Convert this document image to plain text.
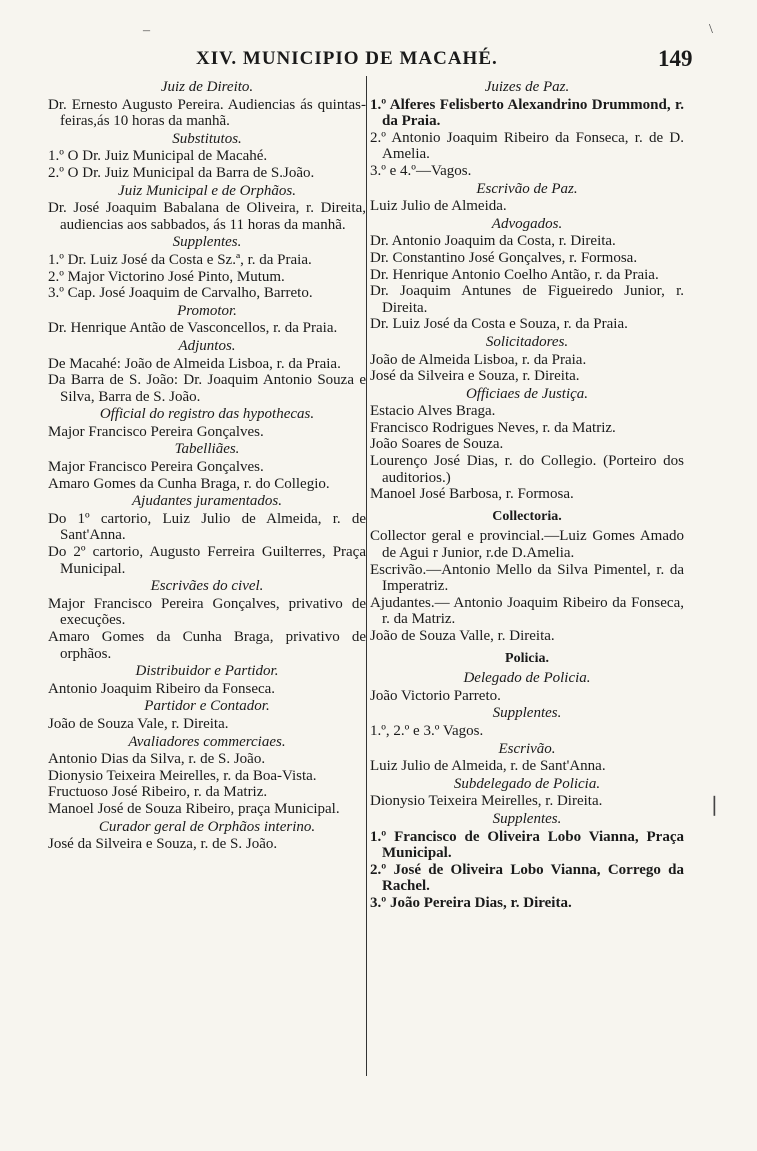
XIV. MUNICIPIO DE MACAHÉ.	149
Juiz de Direito.
Dr. Ernesto Augusto Pereira. Audiencias ás quintas-feiras,ás 10 horas da manhã.
Substitutos.
1.º O Dr. Juiz Municipal de Macahé.
2.º O Dr. Juiz Municipal da Barra de S.João.
Juiz Municipal e de Orphãos.
Dr. José Joaquim Babalana de Oliveira, r. Direita, audiencias aos sabbados, ás 11 horas da manhã.
Supplentes.
1.º Dr. Luiz José da Costa e Sz.ª, r. da Praia.
2.º Major Victorino José Pinto, Mutum.
3.º Cap. José Joaquim de Carvalho, Barreto.
Promotor.
Dr. Henrique Antão de Vasconcellos, r. da Praia.
Adjuntos.
De Macahé: João de Almeida Lisboa, r. da Praia.
Da Barra de S. João: Dr. Joaquim Antonio Souza e Silva, Barra de S. João.
Official do registro das hypothecas.
Major Francisco Pereira Gonçalves.
Tabelliães.
Major Francisco Pereira Gonçalves.
Amaro Gomes da Cunha Braga, r. do Collegio.
Ajudantes juramentados.
Do 1º cartorio, Luiz Julio de Almeida, r. de Sant'Anna.
Do 2º cartorio, Augusto Ferreira Guilterres, Praça Municipal.
Escrivães do civel.
Major Francisco Pereira Gonçalves, privativo de execuções.
Amaro Gomes da Cunha Braga, privativo de orphãos.
Distribuidor e Partidor.
Antonio Joaquim Ribeiro da Fonseca.
Partidor e Contador.
João de Souza Vale, r. Direita.
Avaliadores commerciaes.
Antonio Dias da Silva, r. de S. João.
Dionysio Teixeira Meirelles, r. da Boa-Vista.
Fructuoso José Ribeiro, r. da Matriz.
Manoel José de Souza Ribeiro, praça Municipal.
Curador geral de Orphãos interino.
José da Silveira e Souza, r. de S. João.
Juizes de Paz.
1.º Alferes Felisberto Alexandrino Drummond, r. da Praia.
2.º Antonio Joaquim Ribeiro da Fonseca, r. de D. Amelia.
3.º e 4.º—Vagos.
Escrivão de Paz.
Luiz Julio de Almeida.
Advogados.
Dr. Antonio Joaquim da Costa, r. Direita.
Dr. Constantino José Gonçalves, r. Formosa.
Dr. Henrique Antonio Coelho Antão, r. da Praia.
Dr. Joaquim Antunes de Figueiredo Junior, r. Direita.
Dr. Luiz José da Costa e Souza, r. da Praia.
Solicitadores.
João de Almeida Lisboa, r. da Praia.
José da Silveira e Souza, r. Direita.
Officiaes de Justiça.
Estacio Alves Braga.
Francisco Rodrigues Neves, r. da Matriz.
João Soares de Souza.
Lourenço José Dias, r. do Collegio. (Porteiro dos auditorios.)
Manoel José Barbosa, r. Formosa.
Collectoria.
Collector geral e provincial.—Luiz Gomes Amado de Agui r Junior, r.de D.Amelia.
Escrivão.—Antonio Mello da Silva Pimentel, r. da Imperatriz.
Ajudantes.— Antonio Joaquim Ribeiro da Fonseca, r. da Matriz.
João de Souza Valle, r. Direita.
Policia.
Delegado de Policia.
João Victorio Parreto.
Supplentes.
1.º, 2.º e 3.º Vagos.
Escrivão.
Luiz Julio de Almeida, r. de Sant'Anna.
Subdelegado de Policia.
Dionysio Teixeira Meirelles, r. Direita.
Supplentes.
1.º Francisco de Oliveira Lobo Vianna, Praça Municipal.
2.º José de Oliveira Lobo Vianna, Corrego da Rachel.
3.º João Pereira Dias, r. Direita.
¯
\
❘
